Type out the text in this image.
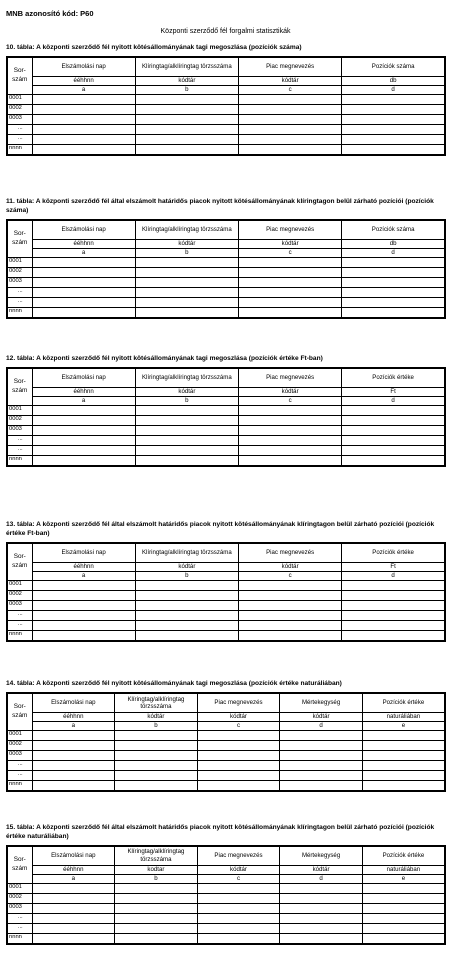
MNB azonosító kód: P60
Központi szerződő fél forgalmi statisztikák
10. tábla: A központi szerződő fél nyitott kötésállományának tagi megoszlása (pozíciók száma)
Sor-
szám	Elszámolási nap	Klíringtag/alklíringtag törzsszáma	Piac megnevezés	Pozíciók száma
	ééhhnn	kódtár	kódtár	db
	a	b	c	d
0001				
0002				
0003				
...				
...				
nnnn				
11. tábla: A központi szerződő fél által elszámolt határidős piacok nyitott kötésállományának klíringtagon belül zárható pozíciói (pozíciók száma)
Sor-
szám	Elszámolási nap	Klíringtag/alklíringtag törzsszáma	Piac megnevezés	Pozíciók száma
	ééhhnn	kódtár	kódtár	db
	a	b	c	d
0001				
0002				
0003				
...				
...				
nnnn				
12. tábla: A központi szerződő fél nyitott kötésállományának tagi megoszlása (pozíciók értéke Ft-ban)
Sor-
szám	Elszámolási nap	Klíringtag/alklíringtag törzsszáma	Piac megnevezés	Pozíciók értéke
	ééhhnn	kódtár	kódtár	Ft
	a	b	c	d
0001				
0002				
0003				
...				
...				
nnnn				
13. tábla: A központi szerződő fél által elszámolt határidős piacok nyitott kötésállományának klíringtagon belül zárható pozíciói (pozíciók értéke Ft-ban)
Sor-
szám	Elszámolási nap	Klíringtag/alklíringtag törzsszáma	Piac megnevezés	Pozíciók értéke
	ééhhnn	kódtár	kódtár	Ft
	a	b	c	d
0001				
0002				
0003				
...				
...				
nnnn				
14. tábla: A központi szerződő fél nyitott kötésállományának tagi megoszlása (pozíciók értéke naturáliában)
Sor-
szám	Elszámolási nap	Klíringtag/alklíringtag törzsszáma	Piac megnevezés	Mértekegység	Pozíciók értéke
	ééhhnn	kódtár	kódtár	kódtár	naturáliában
	a	b	c	d	e
0001					
0002					
0003					
...					
...					
nnnn					
15. tábla: A központi szerződő fél által elszámolt határidős piacok nyitott kötésállományának klíringtagon belül zárható pozíciói (pozíciók értéke naturáliában)
Sor-
szám	Elszámolási nap	Klíringtag/alklíringtag törzsszáma	Piac megnevezés	Mértekegység	Pozíciók értéke
	ééhhnn	kodtar	kódtár	kódtár	naturáliában
	a	b	c	d	e
0001					
0002					
0003					
...					
...					
nnnn					
